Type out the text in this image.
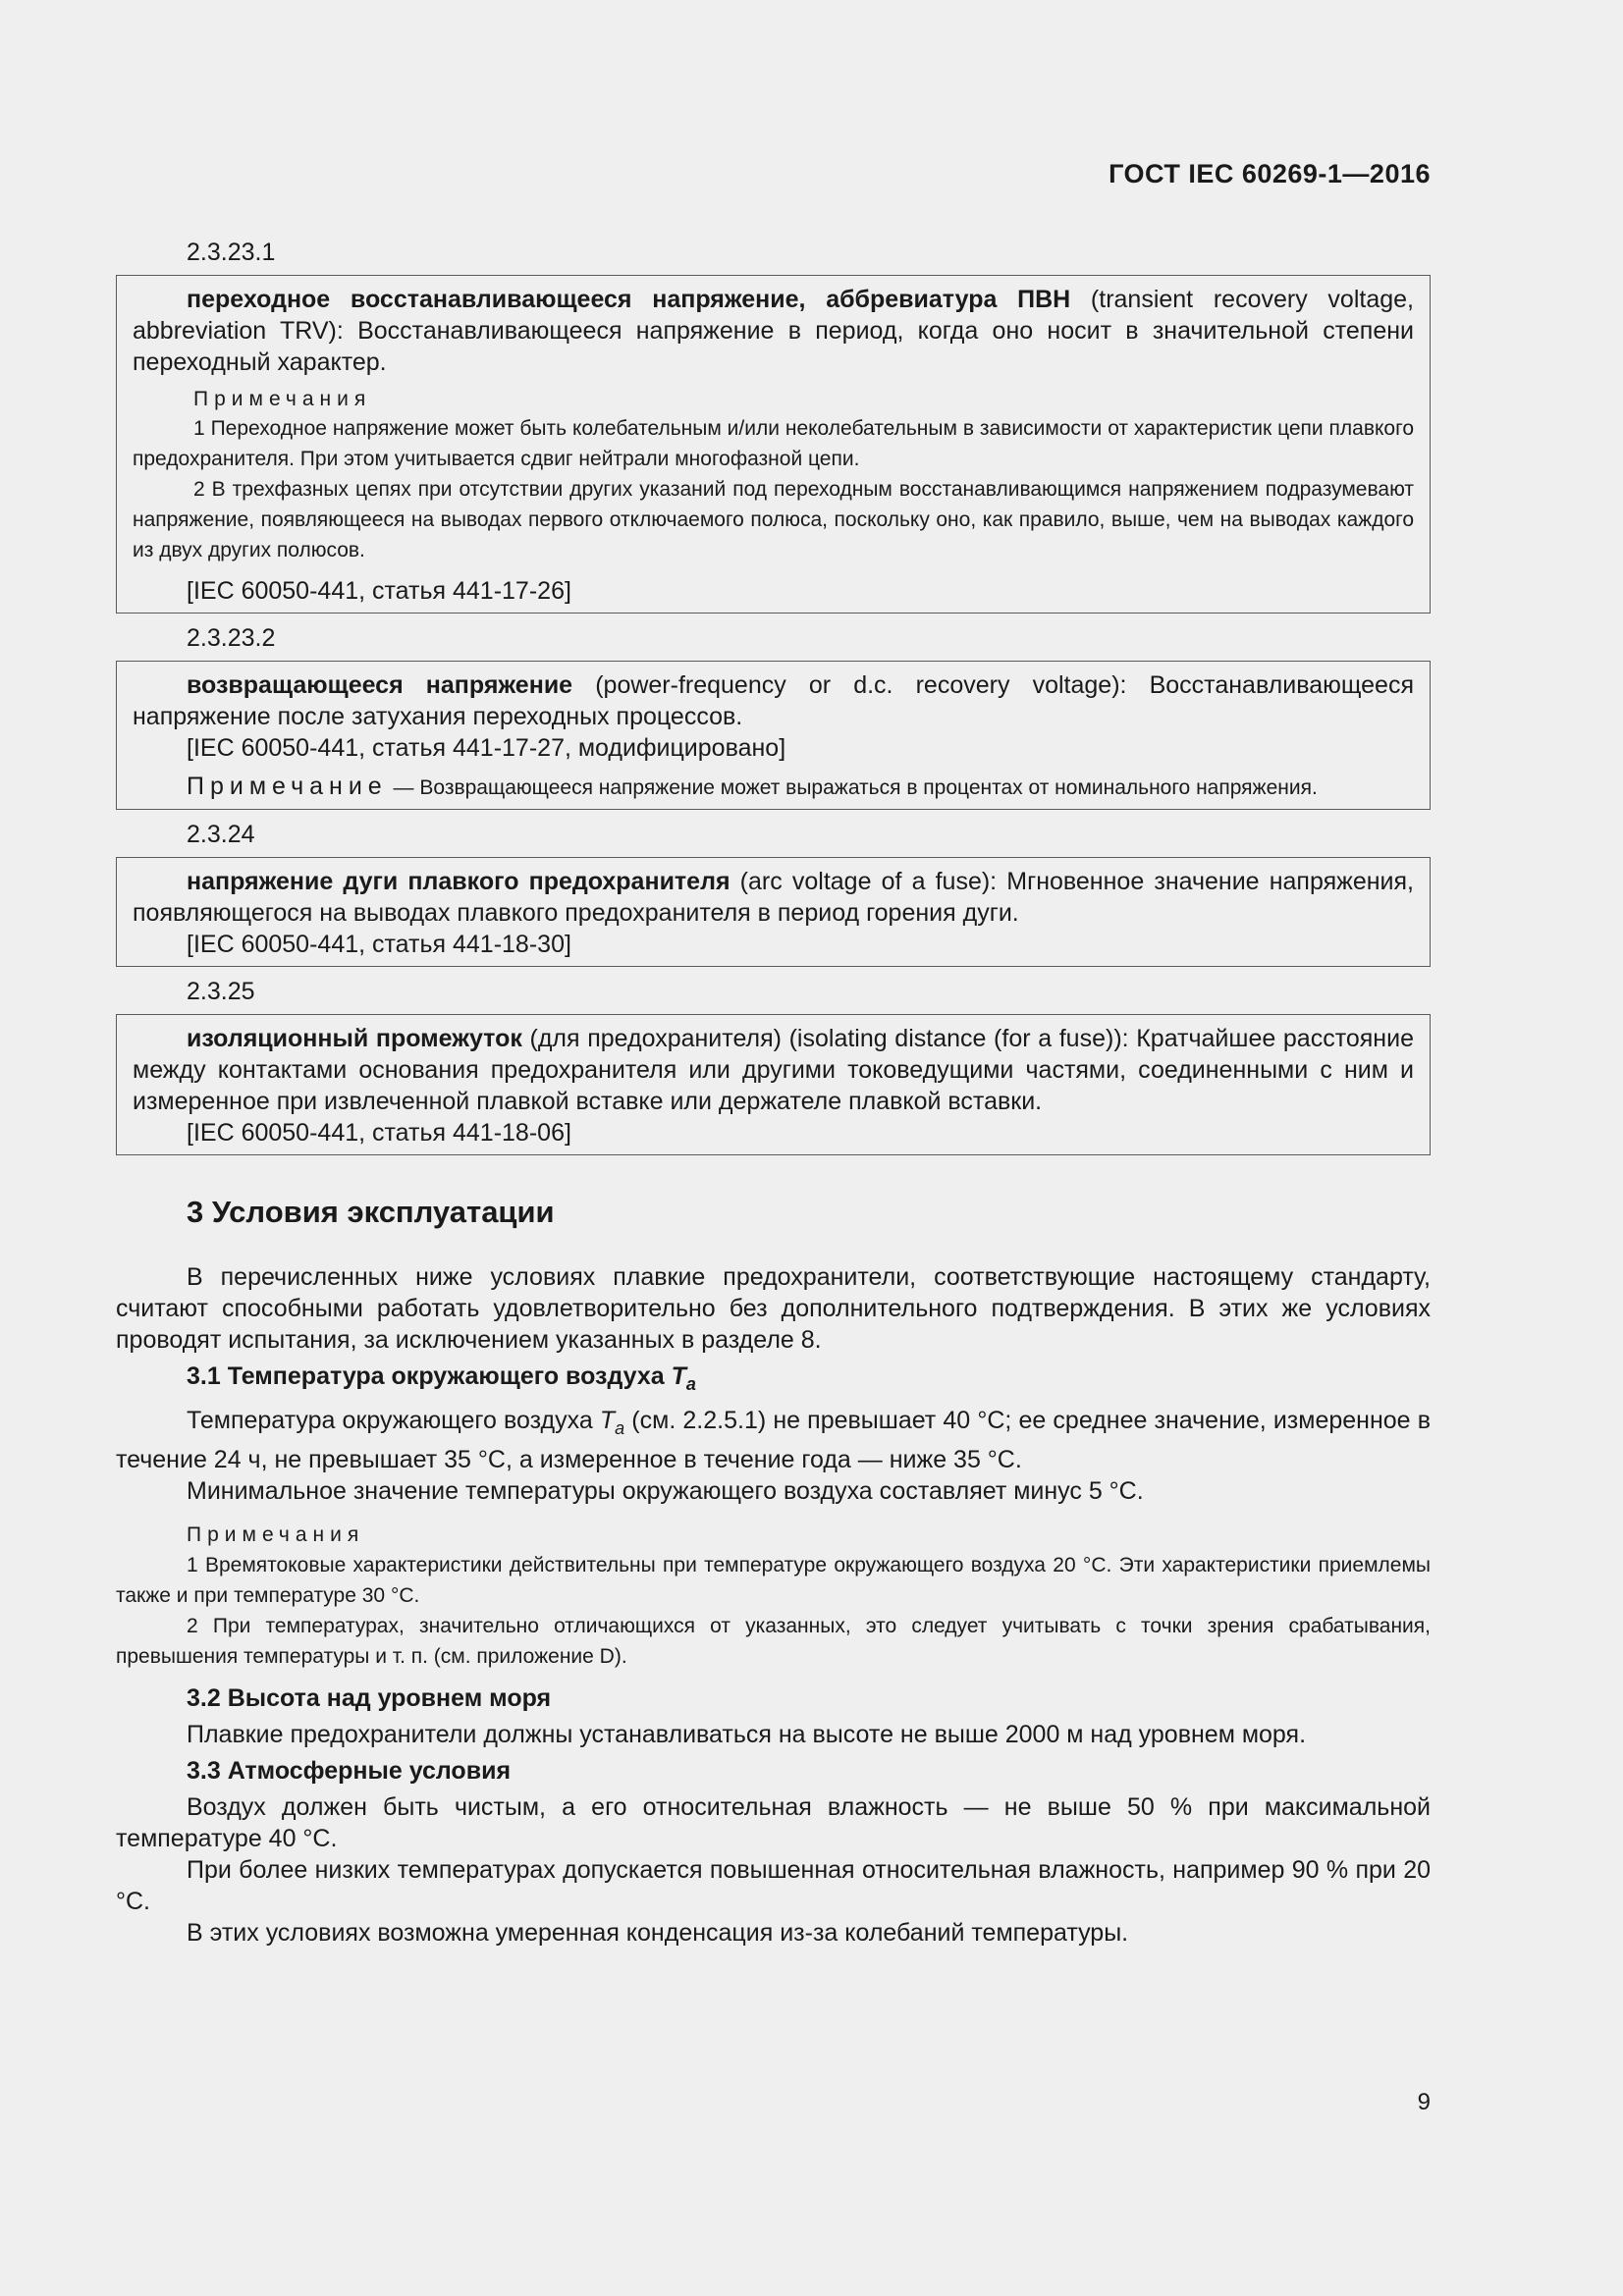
ГОСТ IEC 60269-1—2016
2.3.23.1

переходное восстанавливающееся напряжение, аббревиатура ПВН (transient recovery voltage, abbreviation TRV): Восстанавливающееся напряжение в период, когда оно носит в значительной степени переходный характер.

Примечания

1 Переходное напряжение может быть колебательным и/или неколебательным в зависимости от характеристик цепи плавкого предохранителя. При этом учитывается сдвиг нейтрали многофазной цепи.

2 В трехфазных цепях при отсутствии других указаний под переходным восстанавливающимся напряжением подразумевают напряжение, появляющееся на выводах первого отключаемого полюса, поскольку оно, как правило, выше, чем на выводах каждого из двух других полюсов.

[IEC 60050-441, статья 441-17-26]

2.3.23.2

возвращающееся напряжение (power-frequency or d.c. recovery voltage): Восстанавливающееся напряжение после затухания переходных процессов.

[IEC 60050-441, статья 441-17-27, модифицировано]

Примечание — Возвращающееся напряжение может выражаться в процентах от номинального напряжения.

2.3.24

напряжение дуги плавкого предохранителя (arc voltage of a fuse): Мгновенное значение напряжения, появляющегося на выводах плавкого предохранителя в период горения дуги.

[IEC 60050-441, статья 441-18-30]

2.3.25

изоляционный промежуток (для предохранителя) (isolating distance (for a fuse)): Кратчайшее расстояние между контактами основания предохранителя или другими токоведущими частями, соединенными с ним и измеренное при извлеченной плавкой вставке или держателе плавкой вставки.

[IEC 60050-441, статья 441-18-06]

3 Условия эксплуатации

В перечисленных ниже условиях плавкие предохранители, соответствующие настоящему стандарту, считают способными работать удовлетворительно без дополнительного подтверждения. В этих же условиях проводят испытания, за исключением указанных в разделе 8.

3.1 Температура окружающего воздуха $T_a$

Температура окружающего воздуха $T_a$ (см. 2.2.5.1) не превышает 40 °С; ее среднее значение, измеренное в течение 24 ч, не превышает 35 °С, а измеренное в течение года — ниже 35 °С.

Минимальное значение температуры окружающего воздуха составляет минус 5 °С.

Примечания

1 Времятоковые характеристики действительны при температуре окружающего воздуха 20 °С. Эти характеристики приемлемы также и при температуре 30 °С.

2 При температурах, значительно отличающихся от указанных, это следует учитывать с точки зрения срабатывания, превышения температуры и т. п. (см. приложение D).

3.2 Высота над уровнем моря

Плавкие предохранители должны устанавливаться на высоте не выше 2000 м над уровнем моря.

3.3 Атмосферные условия

Воздух должен быть чистым, а его относительная влажность — не выше 50 % при максимальной температуре 40 °С.

При более низких температурах допускается повышенная относительная влажность, например 90 % при 20 °С.

В этих условиях возможна умеренная конденсация из-за колебаний температуры.

9
